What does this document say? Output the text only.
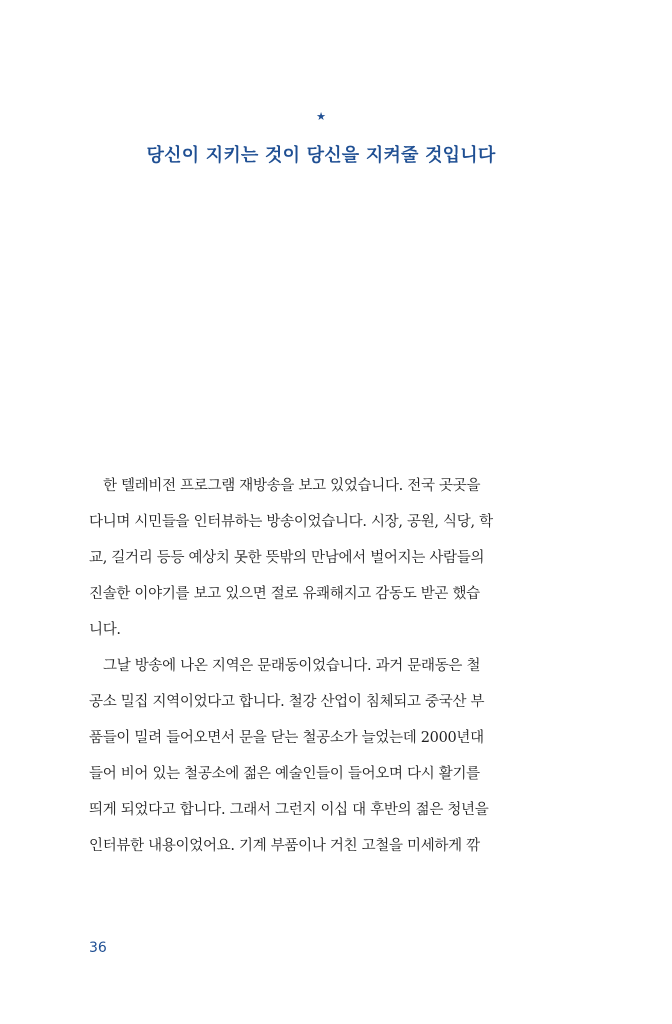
★
당신이 지키는 것이 당신을 지켜줄 것입니다
한 텔레비전 프로그램 재방송을 보고 있었습니다. 전국 곳곳을
다니며 시민들을 인터뷰하는 방송이었습니다. 시장, 공원, 식당, 학
교, 길거리 등등 예상치 못한 뜻밖의 만남에서 벌어지는 사람들의
진솔한 이야기를 보고 있으면 절로 유쾌해지고 감동도 받곤 했습
니다.
그날 방송에 나온 지역은 문래동이었습니다. 과거 문래동은 철
공소 밀집 지역이었다고 합니다. 철강 산업이 침체되고 중국산 부
품들이 밀려 들어오면서 문을 닫는 철공소가 늘었는데 2000년대
들어 비어 있는 철공소에 젊은 예술인들이 들어오며 다시 활기를
띄게 되었다고 합니다. 그래서 그런지 이십 대 후반의 젊은 청년을
인터뷰한 내용이었어요. 기계 부품이나 거친 고철을 미세하게 깎
36
